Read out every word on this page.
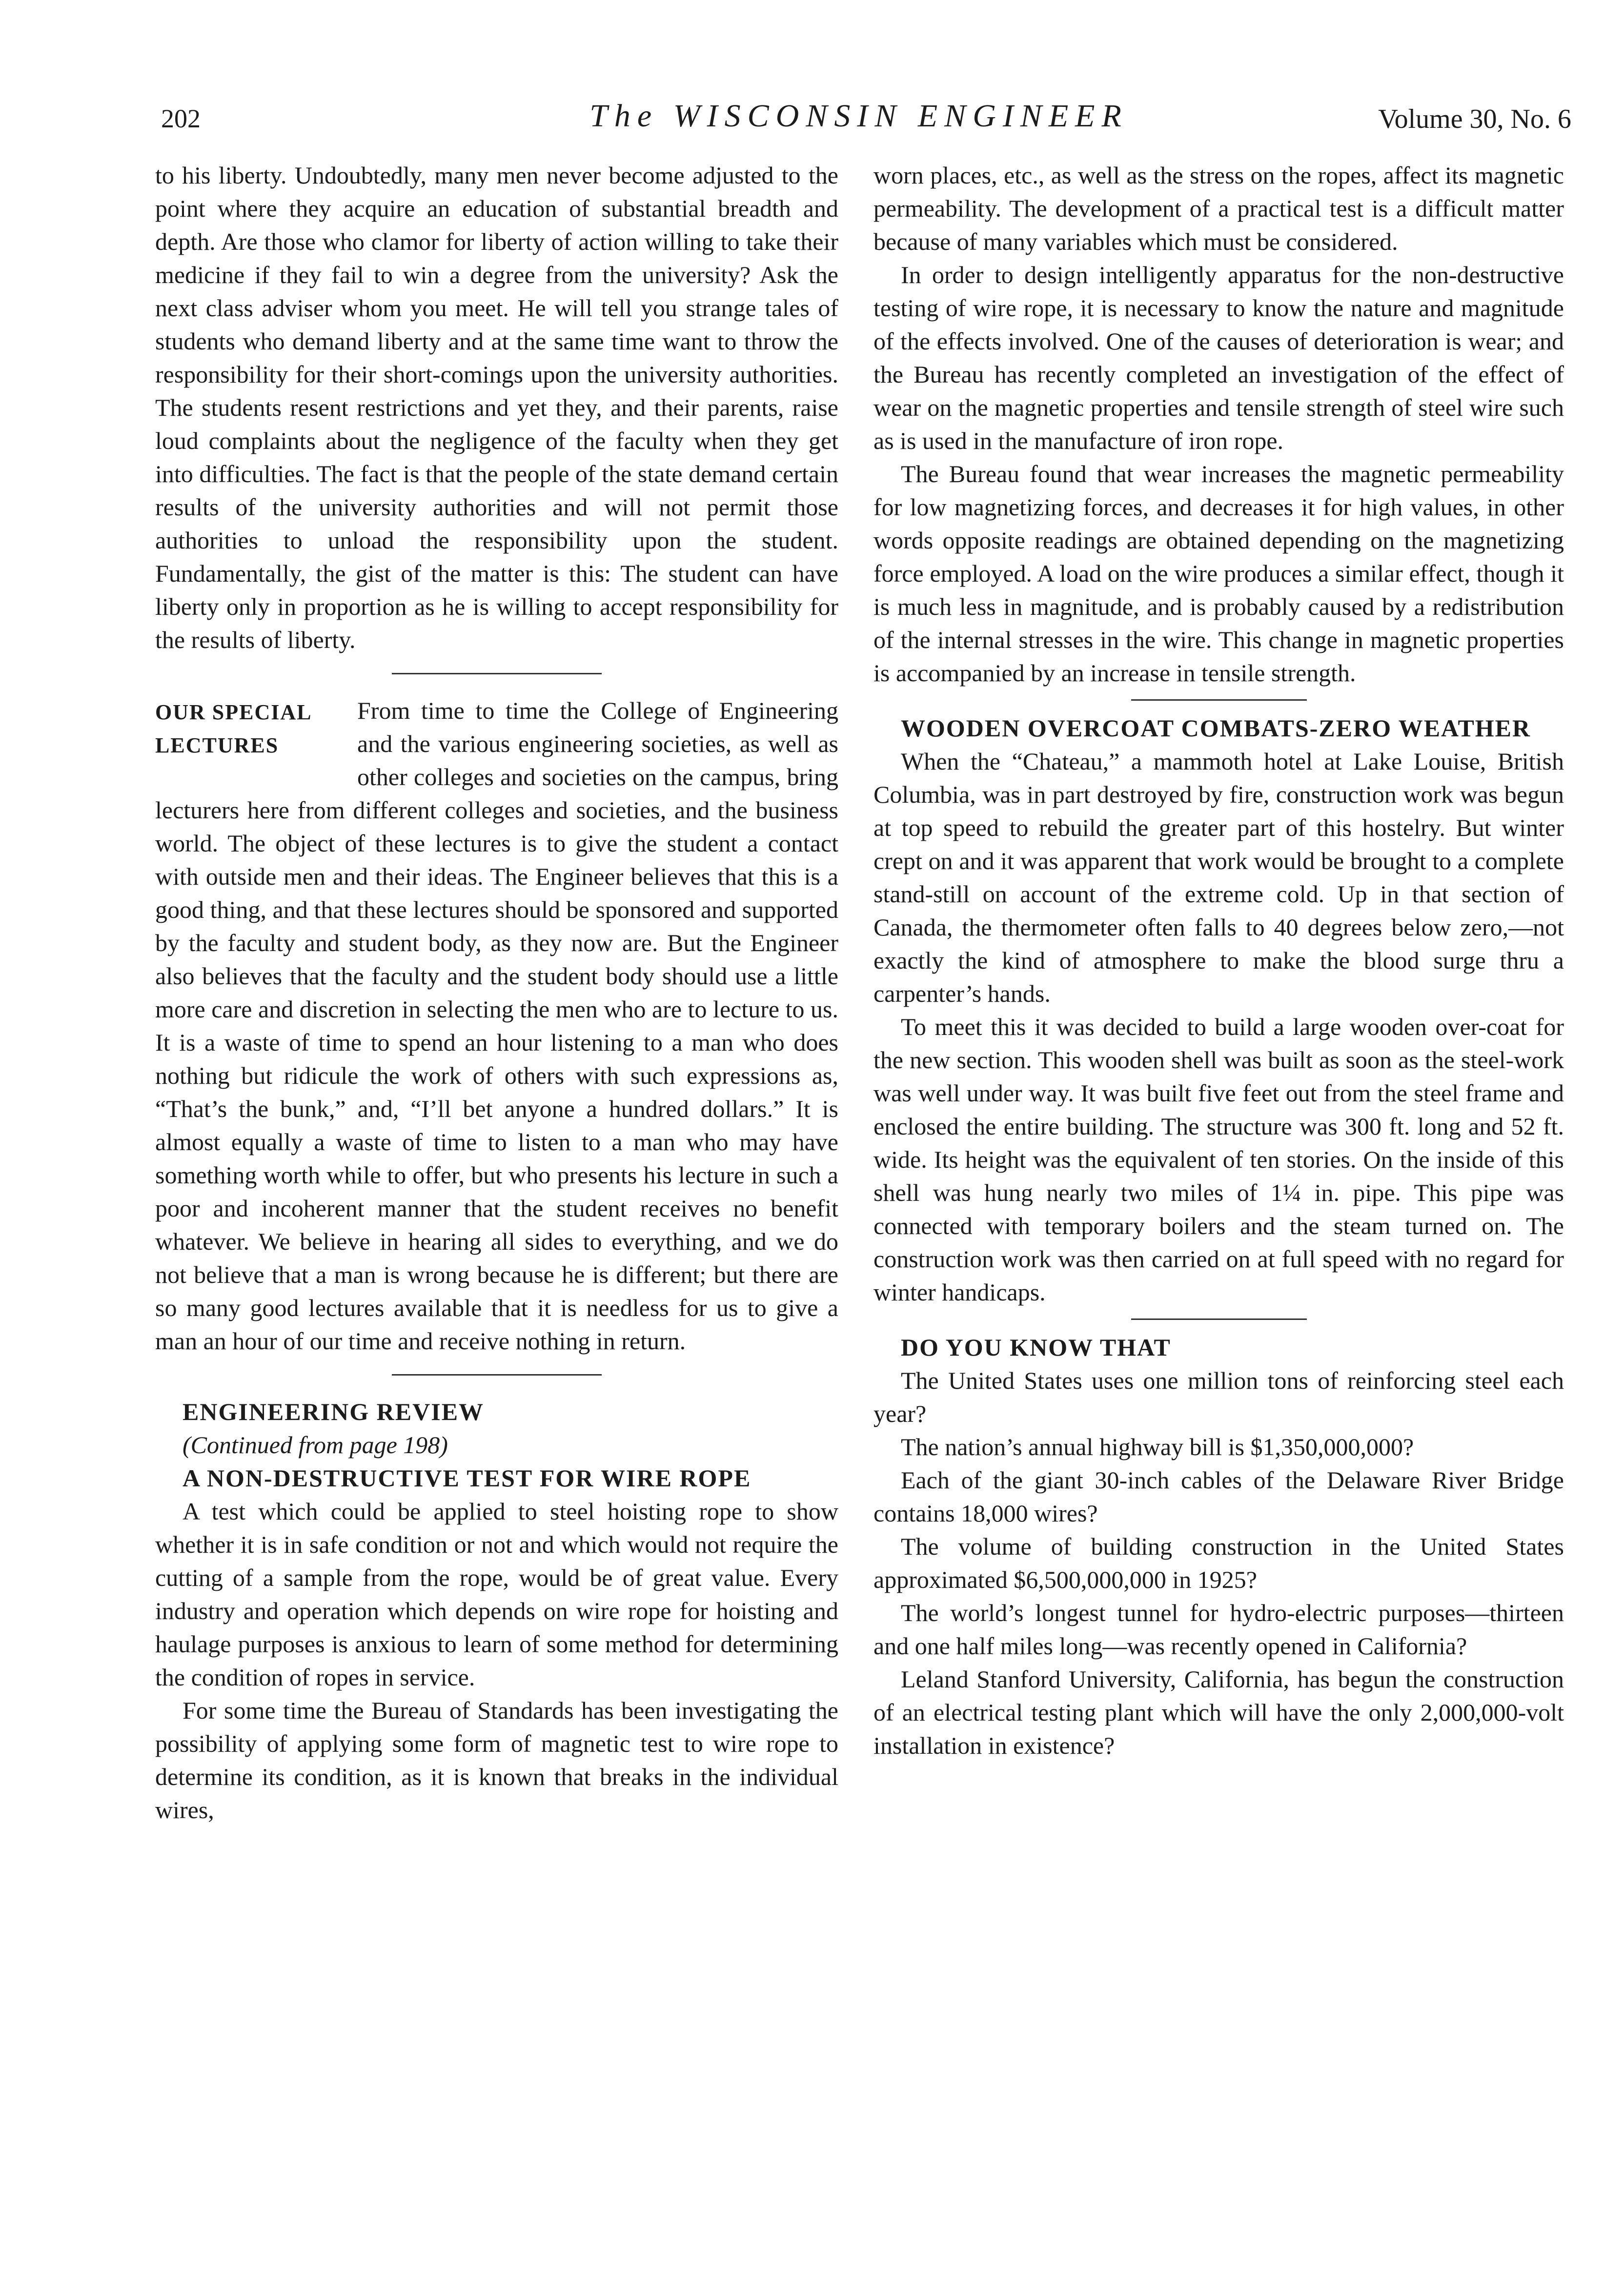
202	The WISCONSIN ENGINEER	Volume 30, No. 6

to his liberty. Undoubtedly, many men never become adjusted to the point where they acquire an education of substantial breadth and depth. Are those who clamor for liberty of action willing to take their medicine if they fail to win a degree from the university? Ask the next class adviser whom you meet. He will tell you strange tales of students who demand liberty and at the same time want to throw the responsibility for their short-comings upon the university authorities. The students resent restrictions and yet they, and their parents, raise loud complaints about the negligence of the faculty when they get into difficulties. The fact is that the people of the state demand certain results of the university authorities and will not permit those authorities to unload the responsibility upon the student. Fundamentally, the gist of the matter is this: The student can have liberty only in proportion as he is willing to accept responsibility for the results of liberty.

OUR SPECIAL LECTURES

From time to time the College of Engineering and the various engineering societies, as well as other colleges and societies on the campus, bring lecturers here from different colleges and societies, and the business world. The object of these lectures is to give the student a contact with outside men and their ideas. The Engineer believes that this is a good thing, and that these lectures should be sponsored and supported by the faculty and student body, as they now are. But the Engineer also believes that the faculty and the student body should use a little more care and discretion in selecting the men who are to lecture to us. It is a waste of time to spend an hour listening to a man who does nothing but ridicule the work of others with such expressions as, “That’s the bunk,” and, “I’ll bet anyone a hundred dollars.” It is almost equally a waste of time to listen to a man who may have something worth while to offer, but who presents his lecture in such a poor and incoherent manner that the student receives no benefit whatever. We believe in hearing all sides to everything, and we do not believe that a man is wrong because he is different; but there are so many good lectures available that it is needless for us to give a man an hour of our time and receive nothing in return.

ENGINEERING REVIEW

(Continued from page 198)

A NON-DESTRUCTIVE TEST FOR WIRE ROPE

A test which could be applied to steel hoisting rope to show whether it is in safe condition or not and which would not require the cutting of a sample from the rope, would be of great value. Every industry and operation which depends on wire rope for hoisting and haulage purposes is anxious to learn of some method for determining the condition of ropes in service.

For some time the Bureau of Standards has been investigating the possibility of applying some form of magnetic test to wire rope to determine its condition, as it is known that breaks in the individual wires,

worn places, etc., as well as the stress on the ropes, affect its magnetic permeability. The development of a practical test is a difficult matter because of many variables which must be considered.

In order to design intelligently apparatus for the non-destructive testing of wire rope, it is necessary to know the nature and magnitude of the effects involved. One of the causes of deterioration is wear; and the Bureau has recently completed an investigation of the effect of wear on the magnetic properties and tensile strength of steel wire such as is used in the manufacture of iron rope.

The Bureau found that wear increases the magnetic permeability for low magnetizing forces, and decreases it for high values, in other words opposite readings are obtained depending on the magnetizing force employed. A load on the wire produces a similar effect, though it is much less in magnitude, and is probably caused by a redistribution of the internal stresses in the wire. This change in magnetic properties is accompanied by an increase in tensile strength.

WOODEN OVERCOAT COMBATS-ZERO WEATHER

When the “Chateau,” a mammoth hotel at Lake Louise, British Columbia, was in part destroyed by fire, construction work was begun at top speed to rebuild the greater part of this hostelry. But winter crept on and it was apparent that work would be brought to a complete stand-still on account of the extreme cold. Up in that section of Canada, the thermometer often falls to 40 degrees below zero,—not exactly the kind of atmosphere to make the blood surge thru a carpenter’s hands.

To meet this it was decided to build a large wooden over-coat for the new section. This wooden shell was built as soon as the steel-work was well under way. It was built five feet out from the steel frame and enclosed the entire building. The structure was 300 ft. long and 52 ft. wide. Its height was the equivalent of ten stories. On the inside of this shell was hung nearly two miles of 1¼ in. pipe. This pipe was connected with temporary boilers and the steam turned on. The construction work was then carried on at full speed with no regard for winter handicaps.

DO YOU KNOW THAT

The United States uses one million tons of reinforcing steel each year?

The nation’s annual highway bill is $1,350,000,000?

Each of the giant 30-inch cables of the Delaware River Bridge contains 18,000 wires?

The volume of building construction in the United States approximated $6,500,000,000 in 1925?

The world’s longest tunnel for hydro-electric purposes—thirteen and one half miles long—was recently opened in California?

Leland Stanford University, California, has begun the construction of an electrical testing plant which will have the only 2,000,000-volt installation in existence?
